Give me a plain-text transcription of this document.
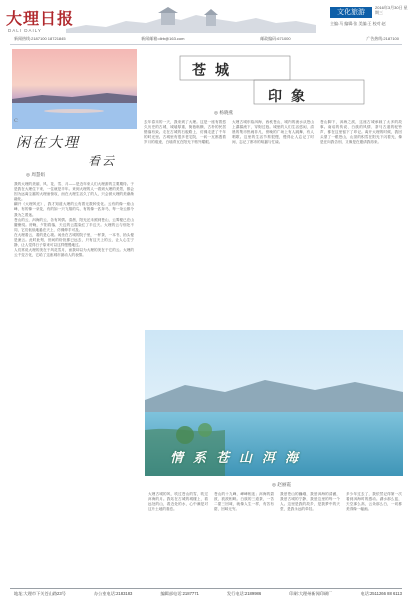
大理日报
DALI DAILY
文化旅游
2016年3月30日 星期三
主编:马 编辑:张 美编:王 校对:赵
新闻热线:2187100 18721845	新闻邮箱:dlrb@163.com	邮政编码:671000	广告热线:2187100
闲在大理
看云
◎ 周慧娟

我的大理的美丽，风、花、雪、月——是近年来人们大理游的主要期待。于是我在大理住下来，一住就是半年。来到大理的人一看到大理的美景，都会因为远离尘嚣的大理而惊叹，而在大理生活久了的人，只会被大理的美渐渐融化。

翻开《大理风光》，我才知道大理的云有着无数种变化。云有的像一座山峰，有的像一朵花，有的如一只飞翔的鸟，有的像一匹奔马，每一朵云都令我为之着迷。

苍山的云，洱海的云，各有风情。清晨，阳光还未照到苍山，云雾便已在山腰缭绕。傍晚，夕阳将落，天边的云霞染红了半边天。大理的云与别处不同，它们低低地悬在天上，仿佛伸手可及。

在大理看云，看的是心境。闲坐在古城的院子里，一杯茶，一本书，抬头便是流云。此时此刻，世间的纷扰都已远去，只有这天上的云，让人心生宁静，让人觉得日子原来可以这样慢慢地过。

人们常说大理的美在于风花雪月，而我却以为大理的美在于它的云。大理的云千变万化，它给了这座城市最动人的表情。

C
苍城
印象
◎ 杨晓燕
去年春末的一天，我来到了大理。这是一座有着悠久历史的古城，城墙厚重，街巷纵横，古朴的民居错落有致。走在古城的石板路上，仿佛走进了千年的时光里。古城里有很多老宅院，一砖一瓦都透着岁月的痕迹，白墙青瓦在阳光下格外耀眼。
大理古城东临洱海，西枕苍山，城内的流水从苍山上潺潺流下，穿街过巷。城里的人们生活悠闲，清晨的集市热闹非凡，傍晚的广场上有人跳舞，有人唱歌。这里的生活节奏很慢，慢得让人忘记了时间，忘记了都市的喧嚣与忙碌。
苍山脚下，洱海之滨，这座古城承载了太多的故事。南诏的传说、白族的风情、茶马古道的驼铃声，都在这里留下了印记。离开大理的时候，我回头望了一眼苍山，山顶的积雪在阳光下闪着光，像是在向我告别，又像是在邀请我再来。
情系苍山洱海
◎ 赵丽霞
大理古城的风，吹过苍山的雪，吹过洱海的月。我站在古城的城楼上，看远处的山，看近处的水，心中满是对这片土地的眷恋。
苍山的十九峰，峰峰相连；洱海的碧波，波波相映。白族的三道茶，一苦二甜三回味，就像人生一样，有苦有甜，回味无穷。
我爱苍山的巍峨，我爱洱海的清澈，我爱古城的宁静，我爱这里的每一个人。这里是我的故乡，是我梦中的天堂，是我永远的牵挂。
多少年过去了，我依然记得第一次看到洱海时的感动。湖水那么蓝，天空那么高，云朵那么白，一切都美得像一幅画。
地址:大理市下关苍山路23号	办公室电话:2183183	编辑部电话:2187771	发行电话:2189986	印刷:大理州新闻印刷厂	电话:2511266 88 6113
